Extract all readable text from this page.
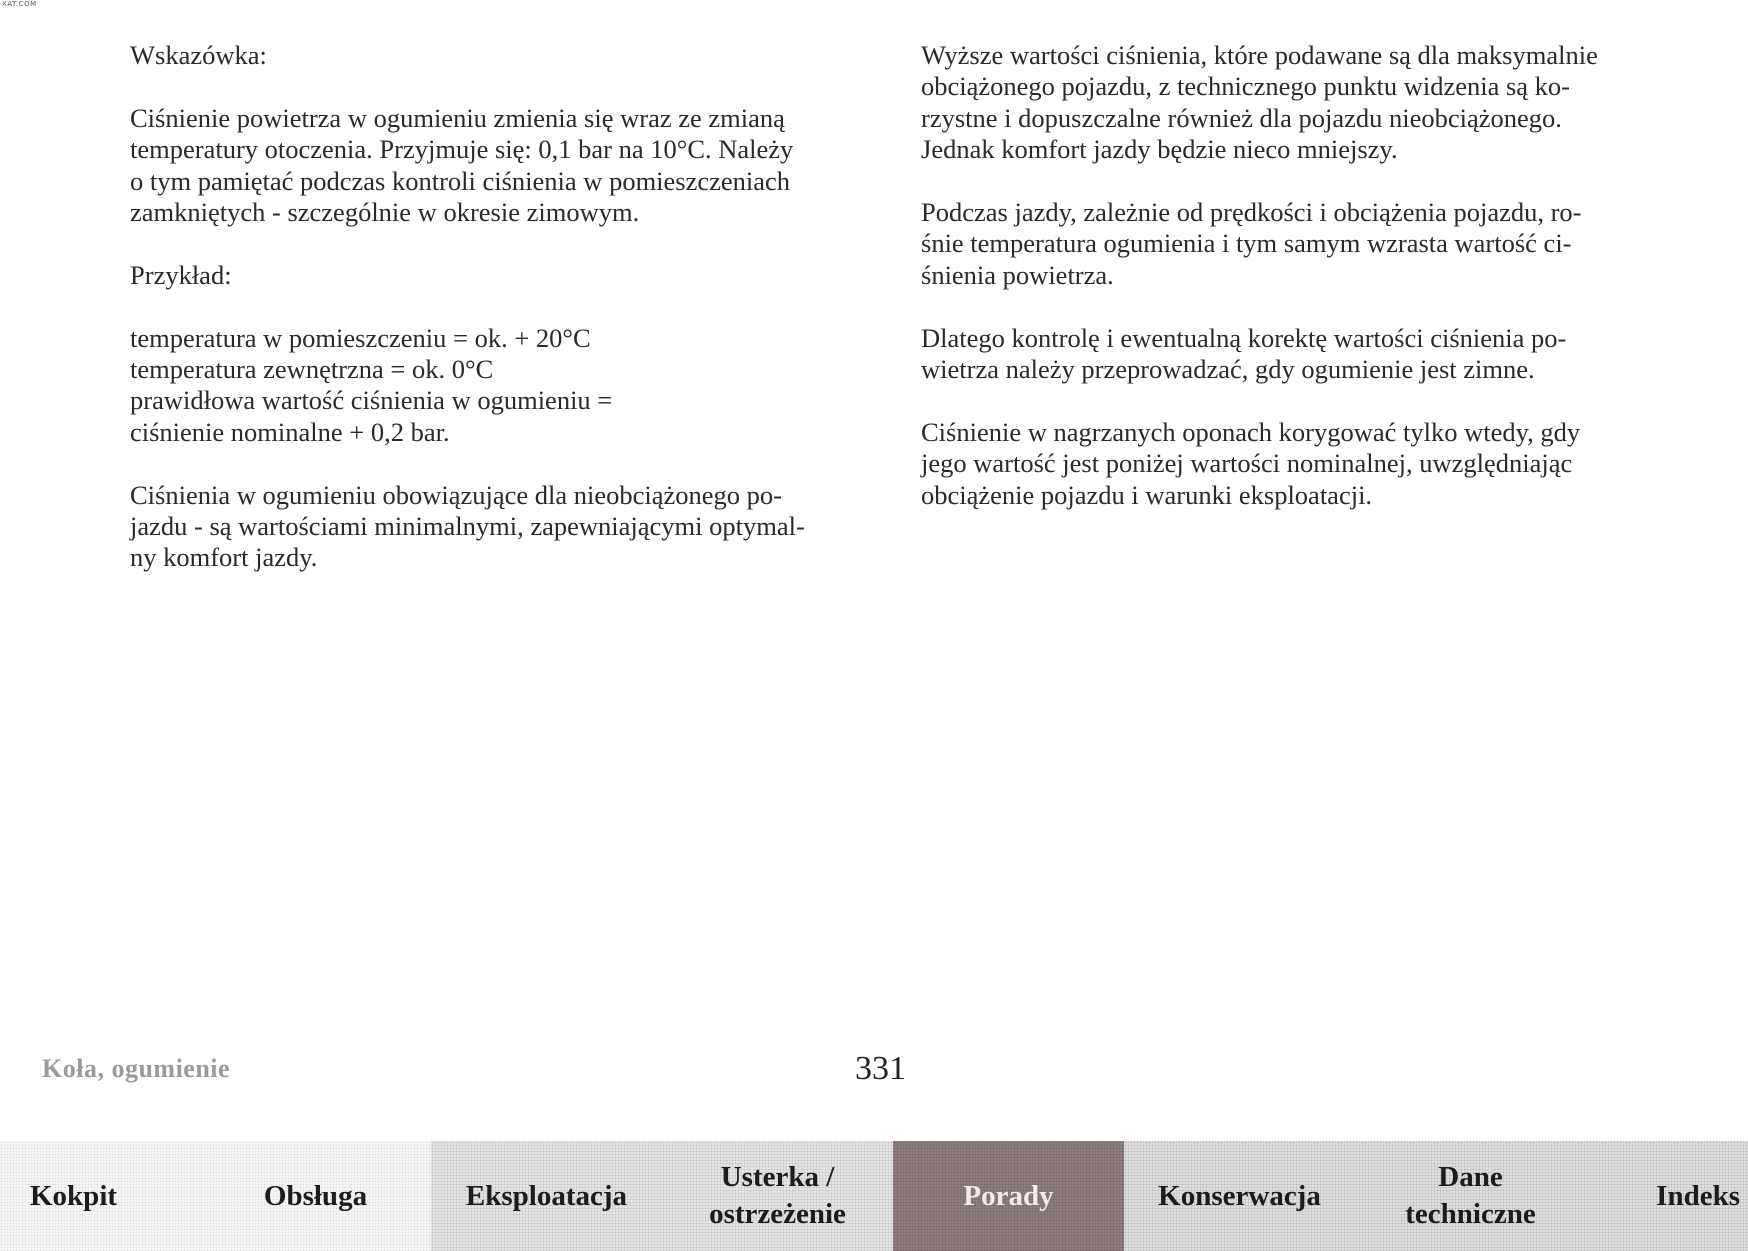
XAT.COM

Wskazówka:

Ciśnienie powietrza w ogumieniu zmienia się wraz ze zmianą
temperatury otoczenia. Przyjmuje się: 0,1 bar na 10°C. Należy
o tym pamiętać podczas kontroli ciśnienia w pomieszczeniach
zamkniętych - szczególnie w okresie zimowym.

Przykład:

temperatura w pomieszczeniu = ok. + 20°C
temperatura zewnętrzna = ok. 0°C
prawidłowa wartość ciśnienia w ogumieniu =
ciśnienie nominalne + 0,2 bar.

Ciśnienia w ogumieniu obowiązujące dla nieobciążonego po-
jazdu - są wartościami minimalnymi, zapewniającymi optymal-
ny komfort jazdy.

Wyższe wartości ciśnienia, które podawane są dla maksymalnie
obciążonego pojazdu, z technicznego punktu widzenia są ko-
rzystne i dopuszczalne również dla pojazdu nieobciążonego.
Jednak komfort jazdy będzie nieco mniejszy.

Podczas jazdy, zależnie od prędkości i obciążenia pojazdu, ro-
śnie temperatura ogumienia i tym samym wzrasta wartość ci-
śnienia powietrza.

Dlatego kontrolę i ewentualną korektę wartości ciśnienia po-
wietrza należy przeprowadzać, gdy ogumienie jest zimne.

Ciśnienie w nagrzanych oponach korygować tylko wtedy, gdy
jego wartość jest poniżej wartości nominalnej, uwzględniając
obciążenie pojazdu i warunki eksploatacji.

Koła, ogumienie	331
Kokpit	Obsługa	Eksploatacja
Usterka /
ostrzeżenie
Porady	Konserwacja
Dane
techniczne
Indeks
